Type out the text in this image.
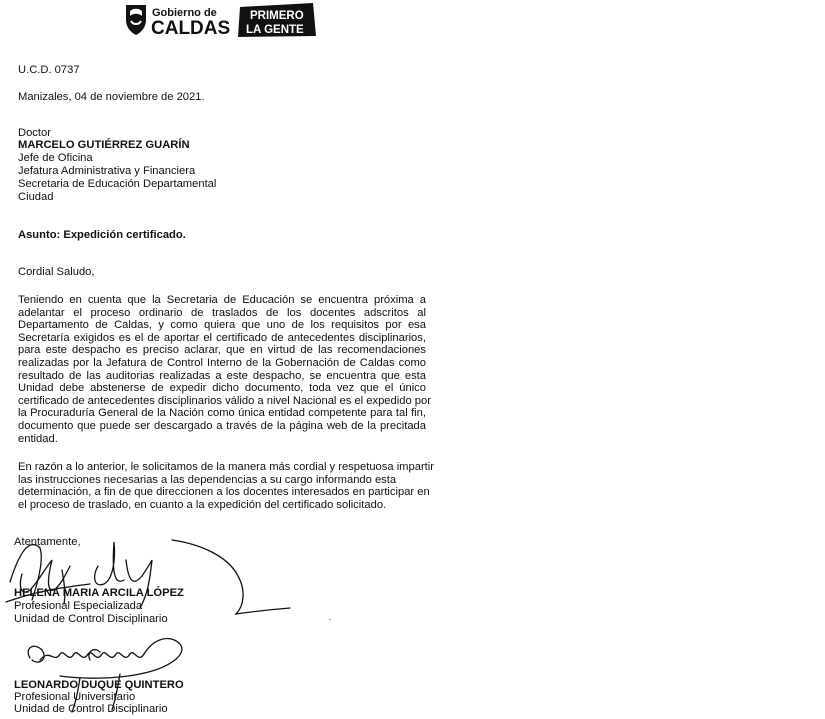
Gobierno de
CALDAS
PRIMERO
LA GENTE
U.C.D. 0737
Manizales, 04 de noviembre de 2021.
Doctor
MARCELO GUTIÉRREZ GUARÍN
Jefe de Oficina
Jefatura Administrativa y Financiera
Secretaria de Educación Departamental
Ciudad
Asunto: Expedición certificado.
Cordial Saludo,
Teniendo en cuenta que la Secretaria de Educación se encuentra próxima a
adelantar el proceso ordinario de traslados de los docentes adscritos al
Departamento de Caldas, y como quiera que uno de los requisitos por esa
Secretaría exigidos es el de aportar el certificado de antecedentes disciplinarios,
para este despacho es preciso aclarar, que en virtud de las recomendaciones
realizadas por la Jefatura de Control Interno de la Gobernación de Caldas como
resultado de las auditorias realizadas a este despacho, se encuentra que esta
Unidad debe abstenerse de expedir dicho documento, toda vez que el único
certificado de antecedentes disciplinarios válido a nivel Nacional es el expedido por
la Procuraduría General de la Nación como única entidad competente para tal fin,
documento que puede ser descargado a través de la página web de la precitada
entidad.
En razón a lo anterior, le solicitamos de la manera más cordial y respetuosa impartir
las instrucciones necesarias a las dependencias a su cargo informando esta
determinación, a fin de que direccionen a los docentes interesados en participar en
el proceso de traslado, en cuanto a la expedición del certificado solicitado.
Atentamente,
HELENA MARIA ARCILA LÓPEZ
Profesional Especializada
Unidad de Control Disciplinario
LEONARDO DUQUE QUINTERO
Profesional Universitario
Unidad de Control Disciplinario
